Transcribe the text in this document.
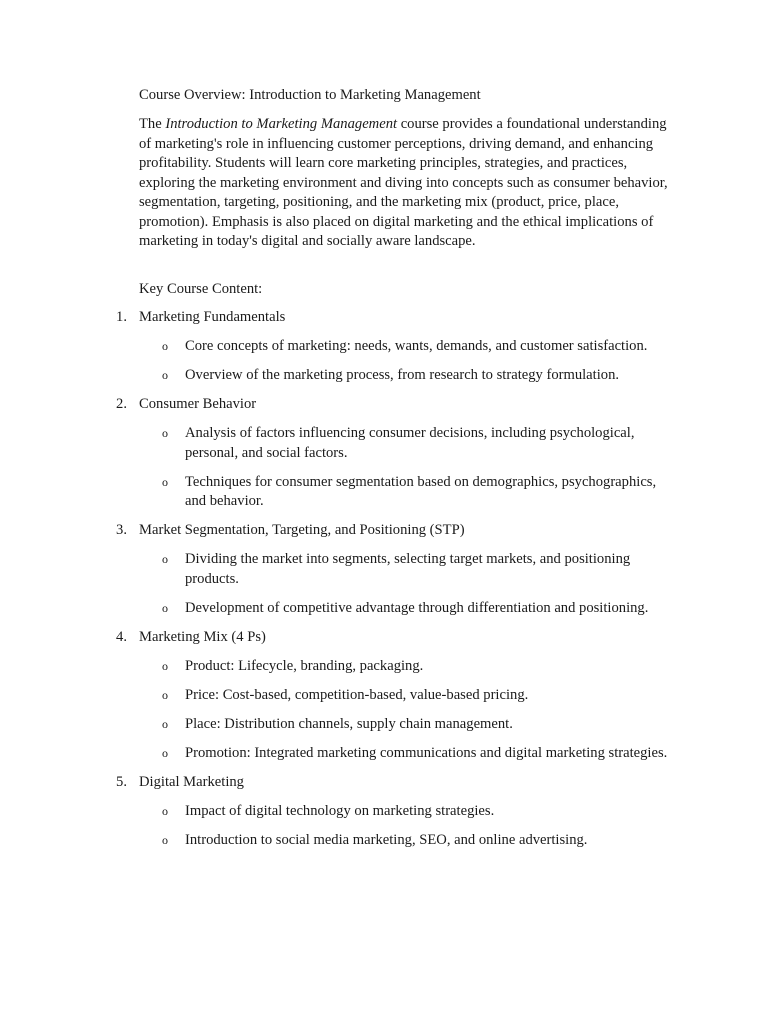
Course Overview: Introduction to Marketing Management
The Introduction to Marketing Management course provides a foundational understanding of marketing's role in influencing customer perceptions, driving demand, and enhancing profitability. Students will learn core marketing principles, strategies, and practices, exploring the marketing environment and diving into concepts such as consumer behavior, segmentation, targeting, positioning, and the marketing mix (product, price, place, promotion). Emphasis is also placed on digital marketing and the ethical implications of marketing in today's digital and socially aware landscape.
Key Course Content:
1. Marketing Fundamentals
o Core concepts of marketing: needs, wants, demands, and customer satisfaction.
o Overview of the marketing process, from research to strategy formulation.
2. Consumer Behavior
o Analysis of factors influencing consumer decisions, including psychological, personal, and social factors.
o Techniques for consumer segmentation based on demographics, psychographics, and behavior.
3. Market Segmentation, Targeting, and Positioning (STP)
o Dividing the market into segments, selecting target markets, and positioning products.
o Development of competitive advantage through differentiation and positioning.
4. Marketing Mix (4 Ps)
o Product: Lifecycle, branding, packaging.
o Price: Cost-based, competition-based, value-based pricing.
o Place: Distribution channels, supply chain management.
o Promotion: Integrated marketing communications and digital marketing strategies.
5. Digital Marketing
o Impact of digital technology on marketing strategies.
o Introduction to social media marketing, SEO, and online advertising.
